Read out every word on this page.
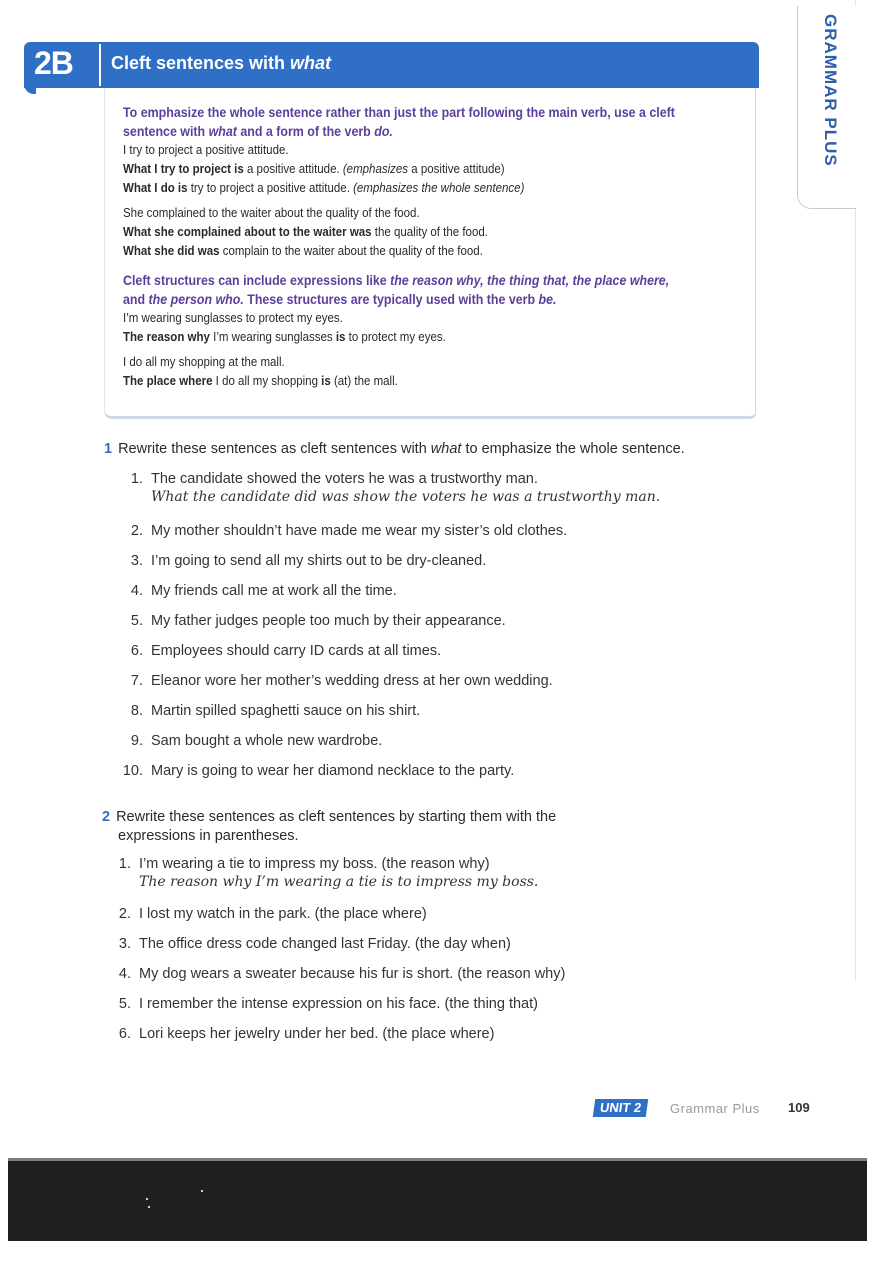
GRAMMAR PLUS
2B Cleft sentences with what

To emphasize the whole sentence rather than just the part following the main verb, use a cleft sentence with what and a form of the verb do.

I try to project a positive attitude.

What I try to project is a positive attitude. (emphasizes a positive attitude)

What I do is try to project a positive attitude. (emphasizes the whole sentence)

She complained to the waiter about the quality of the food.

What she complained about to the waiter was the quality of the food.

What she did was complain to the waiter about the quality of the food.

Cleft structures can include expressions like the reason why, the thing that, the place where, and the person who. These structures are typically used with the verb be.

I’m wearing sunglasses to protect my eyes.

The reason why I’m wearing sunglasses is to protect my eyes.

I do all my shopping at the mall.

The place where I do all my shopping is (at) the mall.

1 Rewrite these sentences as cleft sentences with what to emphasize the whole sentence.
1. The candidate showed the voters he was a trustworthy man.
What the candidate did was show the voters he was a trustworthy man.
2. My mother shouldn’t have made me wear my sister’s old clothes.
3. I’m going to send all my shirts out to be dry-cleaned.
4. My friends call me at work all the time.
5. My father judges people too much by their appearance.
6. Employees should carry ID cards at all times.
7. Eleanor wore her mother’s wedding dress at her own wedding.
8. Martin spilled spaghetti sauce on his shirt.
9. Sam bought a whole new wardrobe.
10. Mary is going to wear her diamond necklace to the party.
2 Rewrite these sentences as cleft sentences by starting them with the
expressions in parentheses.
1. I’m wearing a tie to impress my boss. (the reason why)
The reason why I’m wearing a tie is to impress my boss.
2. I lost my watch in the park. (the place where)
3. The office dress code changed last Friday. (the day when)
4. My dog wears a sweater because his fur is short. (the reason why)
5. I remember the intense expression on his face. (the thing that)
6. Lori keeps her jewelry under her bed. (the place where)
UNIT 2	Grammar Plus 109
